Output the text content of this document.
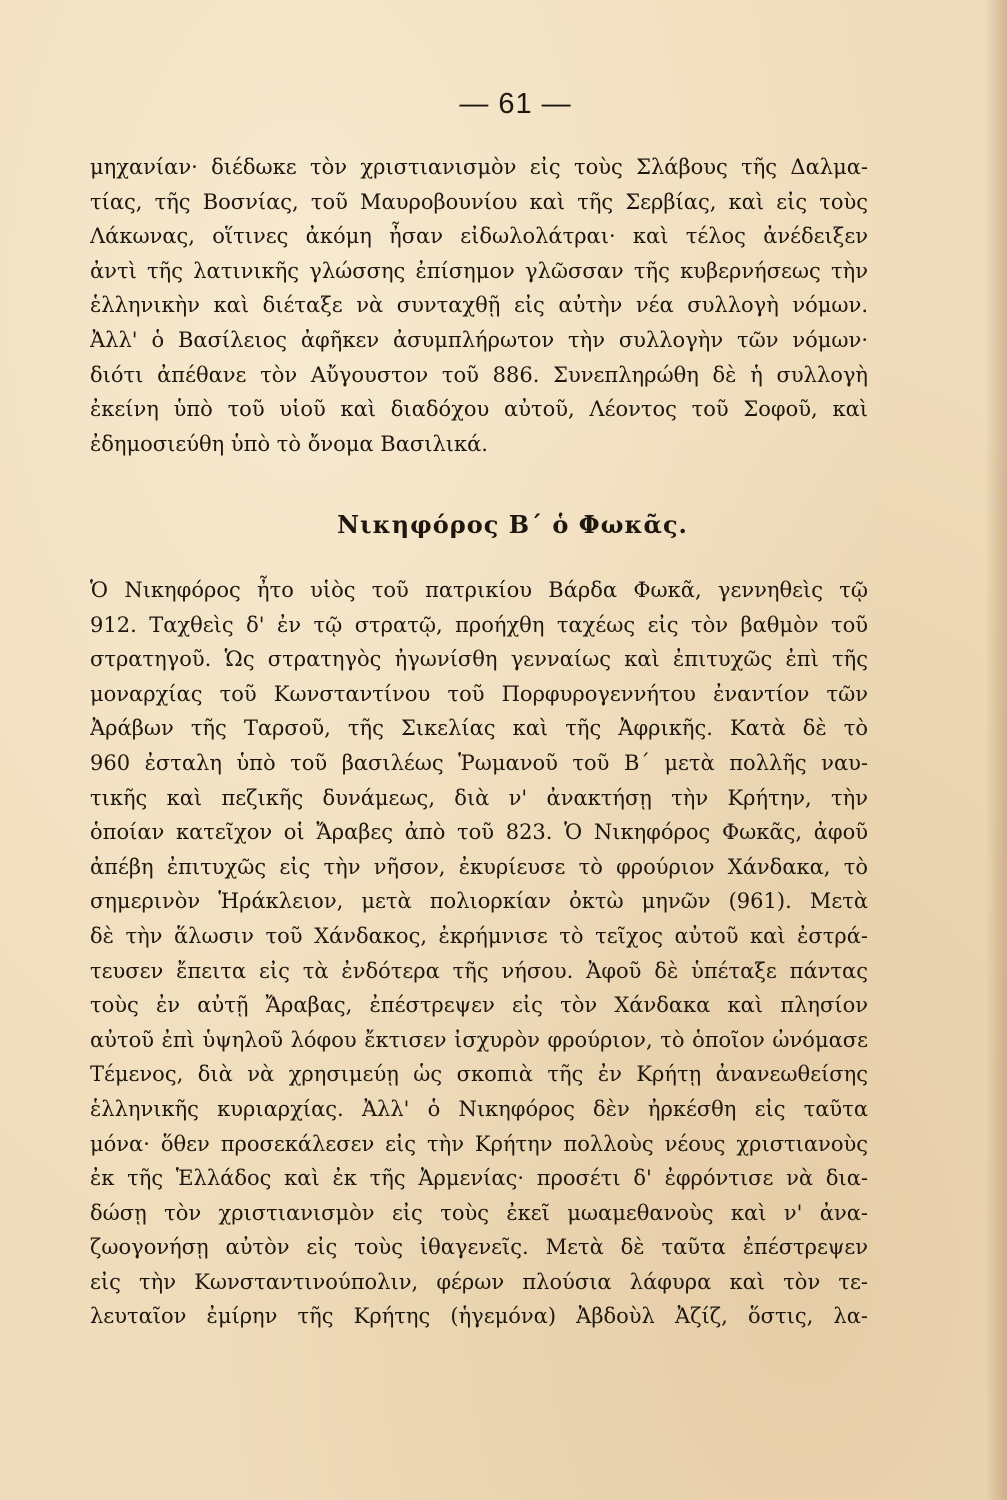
— 61 —
μηχανίαν· διέδωκε τὸν χριστιανισμὸν εἰς τοὺς Σλάβους τῆς Δαλμα-
τίας, τῆς Βοσνίας, τοῦ Μαυροβουνίου καὶ τῆς Σερβίας, καὶ εἰς τοὺς
Λάκωνας, οἵτινες ἀκόμη ἦσαν εἰδωλολάτραι· καὶ τέλος ἀνέδειξεν
ἀντὶ τῆς λατινικῆς γλώσσης ἐπίσημον γλῶσσαν τῆς κυβερνήσεως τὴν
ἑλληνικὴν καὶ διέταξε νὰ συνταχθῇ εἰς αὐτὴν νέα συλλογὴ νόμων.
Ἀλλ' ὁ Βασίλειος ἀφῆκεν ἀσυμπλήρωτον τὴν συλλογὴν τῶν νόμων·
διότι ἀπέθανε τὸν Αὔγουστον τοῦ 886. Συνεπληρώθη δὲ ἡ συλλογὴ
ἐκείνη ὑπὸ τοῦ υἱοῦ καὶ διαδόχου αὐτοῦ, Λέοντος τοῦ Σοφοῦ, καὶ
ἐδημοσιεύθη ὑπὸ τὸ ὄνομα Βασιλικά.
Νικηφόρος Β΄ ὁ Φωκᾶς.
Ὁ Νικηφόρος ἦτο υἱὸς τοῦ πατρικίου Βάρδα Φωκᾶ, γεννηθεὶς τῷ
912. Ταχθεὶς δ' ἐν τῷ στρατῷ, προήχθη ταχέως εἰς τὸν βαθμὸν τοῦ
στρατηγοῦ. Ὡς στρατηγὸς ἠγωνίσθη γενναίως καὶ ἐπιτυχῶς ἐπὶ τῆς
μοναρχίας τοῦ Κωνσταντίνου τοῦ Πορφυρογεννήτου ἐναντίον τῶν
Ἀράβων τῆς Ταρσοῦ, τῆς Σικελίας καὶ τῆς Ἀφρικῆς. Κατὰ δὲ τὸ
960 ἐσταλη ὑπὸ τοῦ βασιλέως Ῥωμανοῦ τοῦ Β΄ μετὰ πολλῆς ναυ-
τικῆς καὶ πεζικῆς δυνάμεως, διὰ ν' ἀνακτήσῃ τὴν Κρήτην, τὴν
ὁποίαν κατεῖχον οἱ Ἄραβες ἀπὸ τοῦ 823. Ὁ Νικηφόρος Φωκᾶς, ἀφοῦ
ἀπέβη ἐπιτυχῶς εἰς τὴν νῆσον, ἐκυρίευσε τὸ φρούριον Χάνδακα, τὸ
σημερινὸν Ἡράκλειον, μετὰ πολιορκίαν ὀκτὼ μηνῶν (961). Μετὰ
δὲ τὴν ἅλωσιν τοῦ Χάνδακος, ἐκρήμνισε τὸ τεῖχος αὐτοῦ καὶ ἐστρά-
τευσεν ἔπειτα εἰς τὰ ἐνδότερα τῆς νήσου. Ἀφοῦ δὲ ὑπέταξε πάντας
τοὺς ἐν αὐτῇ Ἄραβας, ἐπέστρεψεν εἰς τὸν Χάνδακα καὶ πλησίον
αὐτοῦ ἐπὶ ὑψηλοῦ λόφου ἔκτισεν ἰσχυρὸν φρούριον, τὸ ὁποῖον ὠνόμασε
Τέμενος, διὰ νὰ χρησιμεύῃ ὡς σκοπιὰ τῆς ἐν Κρήτῃ ἀνανεωθείσης
ἑλληνικῆς κυριαρχίας. Ἀλλ' ὁ Νικηφόρος δὲν ἠρκέσθη εἰς ταῦτα
μόνα· ὅθεν προσεκάλεσεν εἰς τὴν Κρήτην πολλοὺς νέους χριστιανοὺς
ἐκ τῆς Ἑλλάδος καὶ ἐκ τῆς Ἀρμενίας· προσέτι δ' ἐφρόντισε νὰ δια-
δώσῃ τὸν χριστιανισμὸν εἰς τοὺς ἐκεῖ μωαμεθανοὺς καὶ ν' ἀνα-
ζωογονήσῃ αὐτὸν εἰς τοὺς ἰθαγενεῖς. Μετὰ δὲ ταῦτα ἐπέστρεψεν
εἰς τὴν Κωνσταντινούπολιν, φέρων πλούσια λάφυρα καὶ τὸν τε-
λευταῖον ἐμίρην τῆς Κρήτης (ἡγεμόνα) Ἀβδοὺλ Ἀζίζ, ὅστις, λα-
